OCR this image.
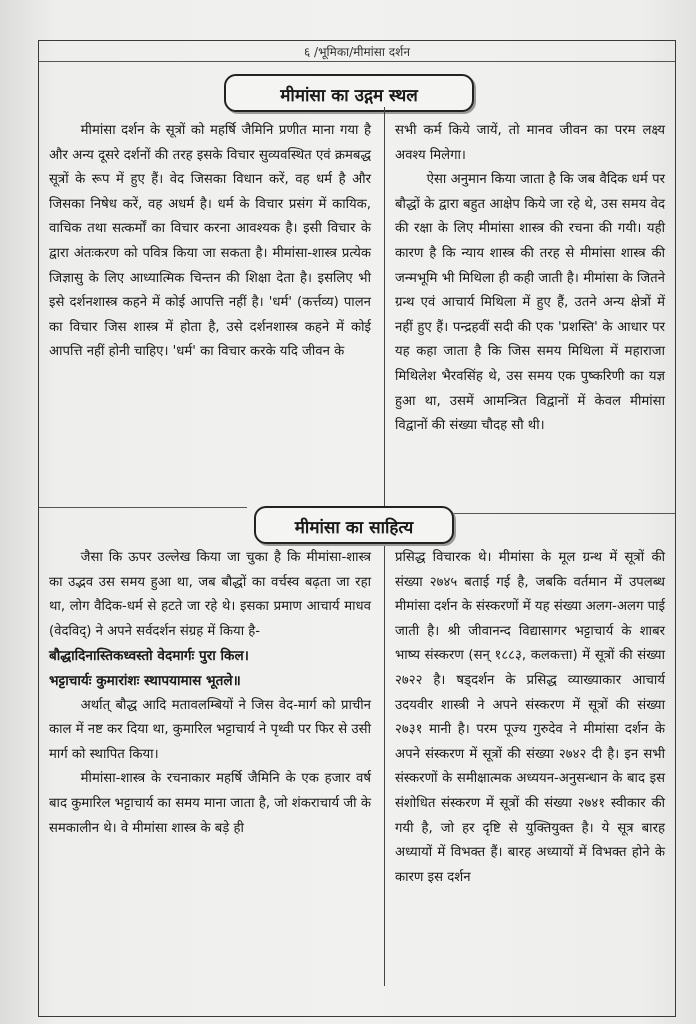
६ /भूमिका/मीमांसा दर्शन
मीमांसा का उद्गम स्थल

मीमांसा दर्शन के सूत्रों को महर्षि जैमिनि प्रणीत माना गया है और अन्य दूसरे दर्शनों की तरह इसके विचार सुव्यवस्थित एवं क्रमबद्ध सूत्रों के रूप में हुए हैं। वेद जिसका विधान करें, वह धर्म है और जिसका निषेध करें, वह अधर्म है। धर्म के विचार प्रसंग में कायिक, वाचिक तथा सत्कर्मों का विचार करना आवश्यक है। इसी विचार के द्वारा अंतःकरण को पवित्र किया जा सकता है। मीमांसा-शास्त्र प्रत्येक जिज्ञासु के लिए आध्यात्मिक चिन्तन की शिक्षा देता है। इसलिए भी इसे दर्शनशास्त्र कहने में कोई आपत्ति नहीं है। 'धर्म' (कर्त्तव्य) पालन का विचार जिस शास्त्र में होता है, उसे दर्शनशास्त्र कहने में कोई आपत्ति नहीं होनी चाहिए। 'धर्म' का विचार करके यदि जीवन के

सभी कर्म किये जायें, तो मानव जीवन का परम लक्ष्य अवश्य मिलेगा।

ऐसा अनुमान किया जाता है कि जब वैदिक धर्म पर बौद्धों के द्वारा बहुत आक्षेप किये जा रहे थे, उस समय वेद की रक्षा के लिए मीमांसा शास्त्र की रचना की गयी। यही कारण है कि न्याय शास्त्र की तरह से मीमांसा शास्त्र की जन्मभूमि भी मिथिला ही कही जाती है। मीमांसा के जितने ग्रन्थ एवं आचार्य मिथिला में हुए हैं, उतने अन्य क्षेत्रों में नहीं हुए हैं। पन्द्रहवीं सदी की एक 'प्रशस्ति' के आधार पर यह कहा जाता है कि जिस समय मिथिला में महाराजा मिथिलेश भैरवसिंह थे, उस समय एक पुष्करिणी का यज्ञ हुआ था, उसमें आमन्त्रित विद्वानों में केवल मीमांसा विद्वानों की संख्या चौदह सौ थी।

मीमांसा का साहित्य

जैसा कि ऊपर उल्लेख किया जा चुका है कि मीमांसा-शास्त्र का उद्भव उस समय हुआ था, जब बौद्धों का वर्चस्व बढ़ता जा रहा था, लोग वैदिक-धर्म से हटते जा रहे थे। इसका प्रमाण आचार्य माधव (वेदविद्) ने अपने सर्वदर्शन संग्रह में किया है-

बौद्धादिनास्तिकध्वस्तो वेदमार्गः पुरा किल।

भट्टाचार्यः कुमारांशः स्थापयामास भूतले॥

अर्थात् बौद्ध आदि मतावलम्बियों ने जिस वेद-मार्ग को प्राचीन काल में नष्ट कर दिया था, कुमारिल भट्टाचार्य ने पृथ्वी पर फिर से उसी मार्ग को स्थापित किया।

मीमांसा-शास्त्र के रचनाकार महर्षि जैमिनि के एक हजार वर्ष बाद कुमारिल भट्टाचार्य का समय माना जाता है, जो शंकराचार्य जी के समकालीन थे। वे मीमांसा शास्त्र के बड़े ही

प्रसिद्ध विचारक थे। मीमांसा के मूल ग्रन्थ में सूत्रों की संख्या २७४५ बताई गई है, जबकि वर्तमान में उपलब्ध मीमांसा दर्शन के संस्करणों में यह संख्या अलग-अलग पाई जाती है। श्री जीवानन्द विद्यासागर भट्टाचार्य के शाबर भाष्य संस्करण (सन् १८८३, कलकत्ता) में सूत्रों की संख्या २७२२ है। षड्दर्शन के प्रसिद्ध व्याख्याकार आचार्य उदयवीर शास्त्री ने अपने संस्करण में सूत्रों की संख्या २७३१ मानी है। परम पूज्य गुरुदेव ने मीमांसा दर्शन के अपने संस्करण में सूत्रों की संख्या २७४२ दी है। इन सभी संस्करणों के समीक्षात्मक अध्ययन-अनुसन्धान के बाद इस संशोधित संस्करण में सूत्रों की संख्या २७४१ स्वीकार की गयी है, जो हर दृष्टि से युक्तियुक्त है। ये सूत्र बारह अध्यायों में विभक्त हैं। बारह अध्यायों में विभक्त होने के कारण इस दर्शन
